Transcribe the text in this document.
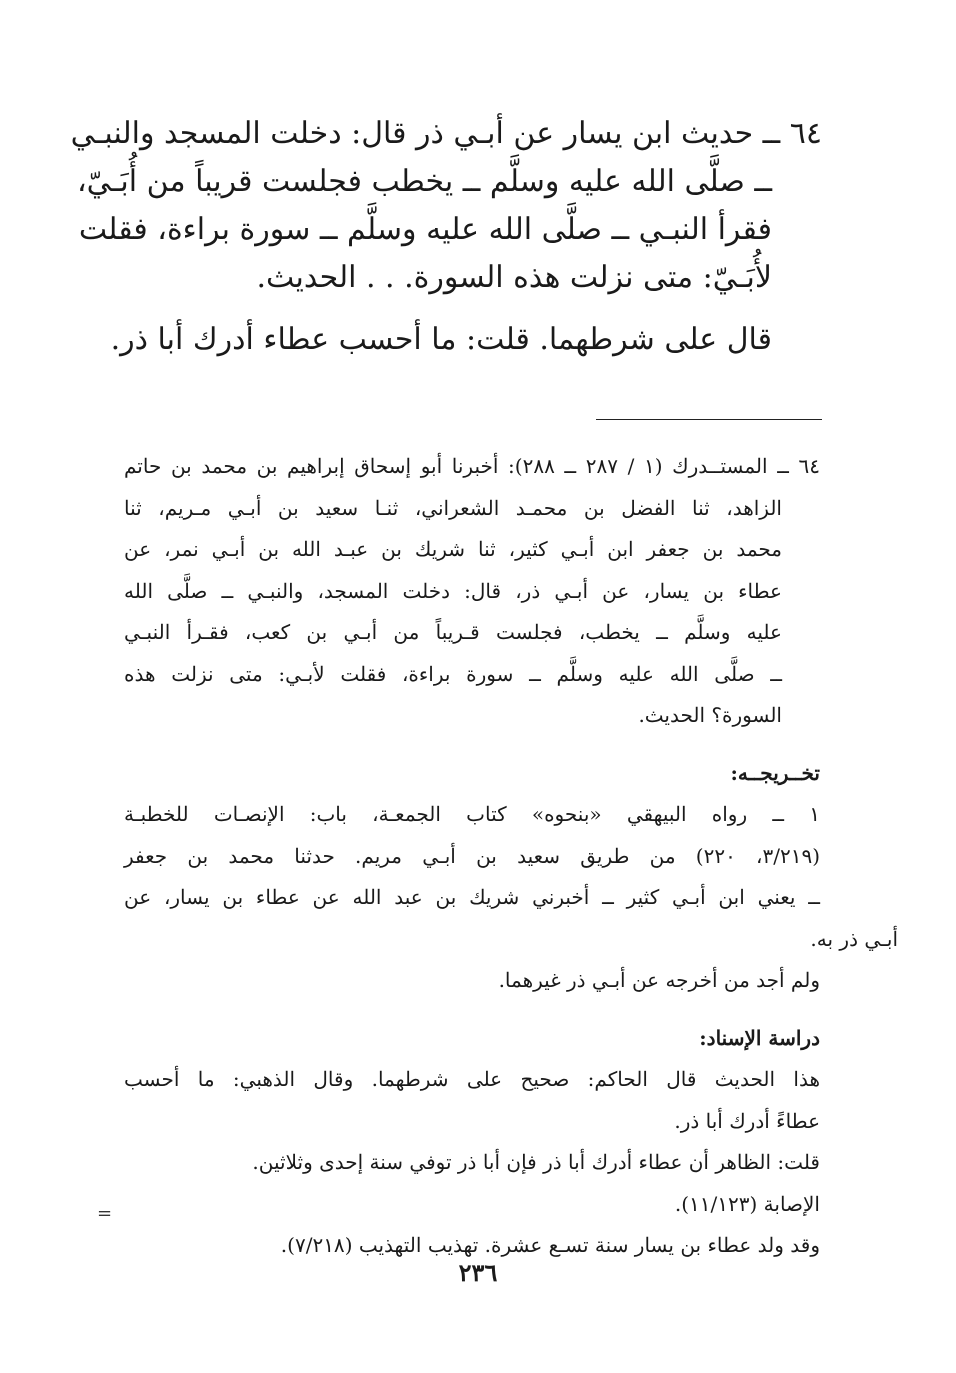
٦٤ ــ حديث ابن يسار عن أبـي ذر قال: دخلت المسجد والنبـي
ــ صلَّى الله عليه وسلَّم ــ يخطب فجلست قريباً من أُبَـيّ،
فقرأ النبـي ــ صلَّى الله عليه وسلَّم ــ سورة براءة، فقلت
لأُبَـيّ: متى نزلت هذه السورة. . . الحديث.
قال على شرطهما. قلت: ما أحسب عطاء أدرك أبا ذر.
٦٤ ــ المستــدرك (١ / ٢٨٧ ــ ٢٨٨): أخبرنا أبو إسحاق إبراهيم بن محمد بن حاتم
الزاهد، ثنا الفضل بن محمـد الشعراني، ثنـا سعيد بن أبـي مـريم، ثنا
محمد بن جعفر ابن أبـي كثير، ثنا شريك بن عبـد الله بن أبـي نمر، عن
عطاء بن يسار، عن أبـي ذر، قال: دخلت المسجد، والنبـي ــ صلَّى الله
عليه وسلَّم ــ يخطب، فجلست قـريباً من أبـي بن كعب، فقـرأ النبـي
ــ صلَّى الله عليه وسلَّم ــ سورة براءة، فقلت لأبـي: متى نزلت هذه
السورة؟ الحديث.
تخــريجــه:
١ ــ رواه البيهقي «بنحوه» كتاب الجمعـة، باب: الإنصـات للخطبـة
(٣/٢١٩، ٢٢٠) من طريق سعيد بن أبـي مريم. حدثنا محمد بن جعفر
ــ يعني ابن أبـي كثير ــ أخبرني شريك بن عبد الله عن عطاء بن يسار، عن
أبـي ذر به.
ولم أجد من أخرجه عن أبـي ذر غيرهما.
دراسة الإسناد:
هذا الحديث قال الحاكم: صحيح على شرطهما. وقال الذهبي: ما أحسب
عطاءً أدرك أبا ذر.
قلت: الظاهر أن عطاء أدرك أبا ذر فإن أبا ذر توفي سنة إحدى وثلاثين.
الإصابة (١١/١٢٣).
وقد ولد عطاء بن يسار سنة تسـع عشرة. تهذيب التهذيب (٧/٢١٨).
=
٢٣٦
